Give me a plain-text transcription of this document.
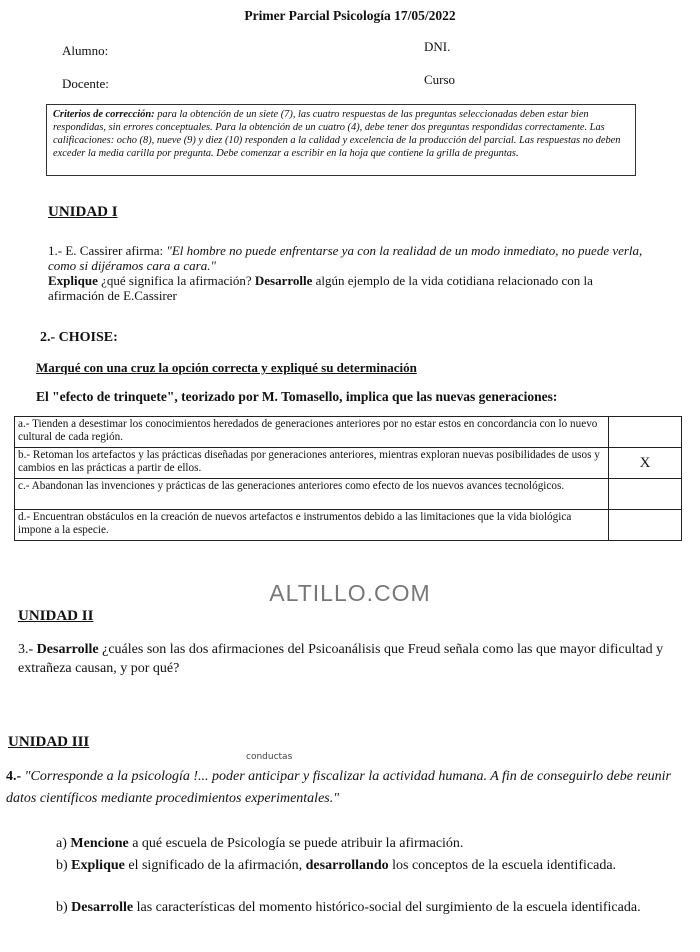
Primer Parcial Psicología 17/05/2022
Alumno:	DNI.
Docente:	Curso
Criterios de corrección: para la obtención de un siete (7), las cuatro respuestas de las preguntas seleccionadas deben estar bien respondidas, sin errores conceptuales. Para la obtención de un cuatro (4), debe tener dos preguntas respondidas correctamente. Las calificaciones: ocho (8), nueve (9) y diez (10) responden a la calidad y excelencia de la producción del parcial. Las respuestas no deben exceder la media carilla por pregunta. Debe comenzar a escribir en la hoja que contiene la grilla de preguntas.
UNIDAD I
1.- E. Cassirer afirma: "El hombre no puede enfrentarse ya con la realidad de un modo inmediato, no puede verla, como si dijéramos cara a cara."
Explique ¿qué significa la afirmación? Desarrolle algún ejemplo de la vida cotidiana relacionado con la afirmación de E.Cassirer
2.- CHOISE:
Marqué con una cruz la opción correcta y expliqué su determinación
El "efecto de trinquete", teorizado por M. Tomasello, implica que las nuevas generaciones:
a.- Tienden a desestimar los conocimientos heredados de generaciones anteriores por no estar estos en concordancia con lo nuevo cultural de cada región.	
b.- Retoman los artefactos y las prácticas diseñadas por generaciones anteriores, mientras exploran nuevas posibilidades de usos y cambios en las prácticas a partir de ellos.	X
c.- Abandonan las invenciones y prácticas de las generaciones anteriores como efecto de los nuevos avances tecnológicos.	
d.- Encuentran obstáculos en la creación de nuevos artefactos e instrumentos debido a las limitaciones que la vida biológica impone a la especie.	
ALTILLO.COM
UNIDAD II
3.- Desarrolle ¿cuáles son las dos afirmaciones del Psicoanálisis que Freud señala como las que mayor dificultad y extrañeza causan, y por qué?
UNIDAD III
conductas
4.- "Corresponde a la psicología !... poder anticipar y fiscalizar la actividad humana. A fin de conseguirlo debe reunir datos científicos mediante procedimientos experimentales."
a) Mencione a qué escuela de Psicología se puede atribuir la afirmación.
b) Explique el significado de la afirmación, desarrollando los conceptos de la escuela identificada.
b) Desarrolle las características del momento histórico-social del surgimiento de la escuela identificada.
